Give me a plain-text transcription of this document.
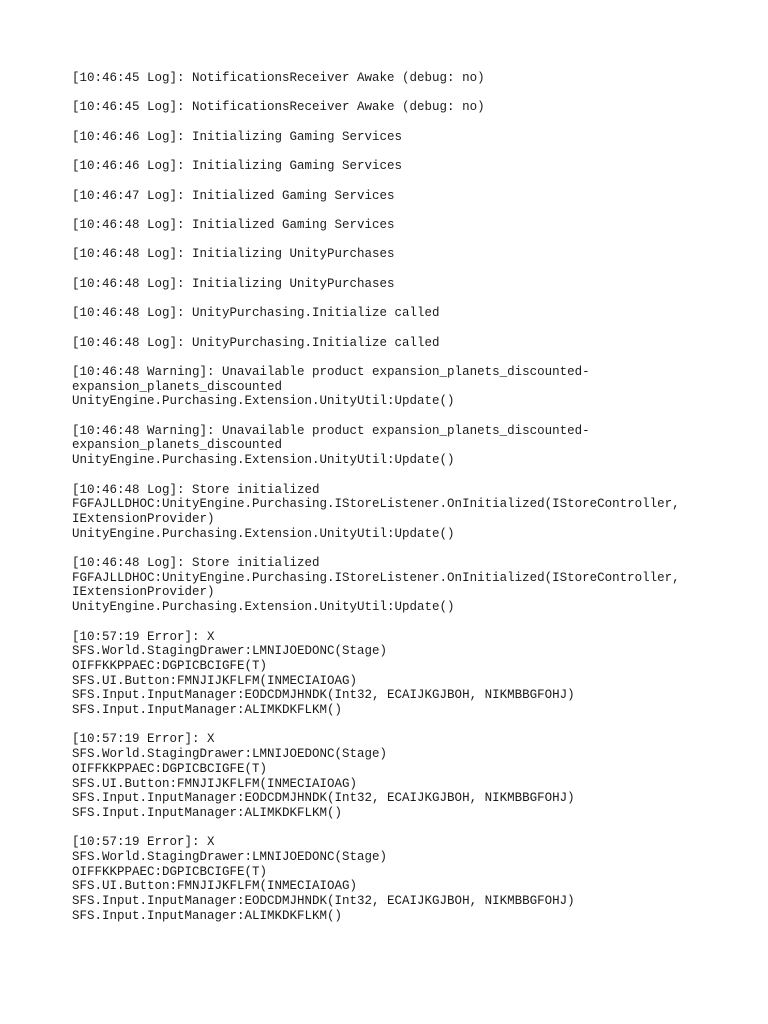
[10:46:45 Log]: NotificationsReceiver Awake (debug: no)
[10:46:45 Log]: NotificationsReceiver Awake (debug: no)
[10:46:46 Log]: Initializing Gaming Services
[10:46:46 Log]: Initializing Gaming Services
[10:46:47 Log]: Initialized Gaming Services
[10:46:48 Log]: Initialized Gaming Services
[10:46:48 Log]: Initializing UnityPurchases
[10:46:48 Log]: Initializing UnityPurchases
[10:46:48 Log]: UnityPurchasing.Initialize called
[10:46:48 Log]: UnityPurchasing.Initialize called
[10:46:48 Warning]: Unavailable product expansion_planets_discounted-
expansion_planets_discounted
UnityEngine.Purchasing.Extension.UnityUtil:Update()
[10:46:48 Warning]: Unavailable product expansion_planets_discounted-
expansion_planets_discounted
UnityEngine.Purchasing.Extension.UnityUtil:Update()
[10:46:48 Log]: Store initialized
FGFAJLLDHOC:UnityEngine.Purchasing.IStoreListener.OnInitialized(IStoreController,
IExtensionProvider)
UnityEngine.Purchasing.Extension.UnityUtil:Update()
[10:46:48 Log]: Store initialized
FGFAJLLDHOC:UnityEngine.Purchasing.IStoreListener.OnInitialized(IStoreController,
IExtensionProvider)
UnityEngine.Purchasing.Extension.UnityUtil:Update()
[10:57:19 Error]: X
SFS.World.StagingDrawer:LMNIJOEDONC(Stage)
OIFFKKPPAEC:DGPICBCIGFE(T)
SFS.UI.Button:FMNJIJKFLFM(INMECIAIOAG)
SFS.Input.InputManager:EODCDMJHNDK(Int32, ECAIJKGJBOH, NIKMBBGFOHJ)
SFS.Input.InputManager:ALIMKDKFLKM()
[10:57:19 Error]: X
SFS.World.StagingDrawer:LMNIJOEDONC(Stage)
OIFFKKPPAEC:DGPICBCIGFE(T)
SFS.UI.Button:FMNJIJKFLFM(INMECIAIOAG)
SFS.Input.InputManager:EODCDMJHNDK(Int32, ECAIJKGJBOH, NIKMBBGFOHJ)
SFS.Input.InputManager:ALIMKDKFLKM()
[10:57:19 Error]: X
SFS.World.StagingDrawer:LMNIJOEDONC(Stage)
OIFFKKPPAEC:DGPICBCIGFE(T)
SFS.UI.Button:FMNJIJKFLFM(INMECIAIOAG)
SFS.Input.InputManager:EODCDMJHNDK(Int32, ECAIJKGJBOH, NIKMBBGFOHJ)
SFS.Input.InputManager:ALIMKDKFLKM()
